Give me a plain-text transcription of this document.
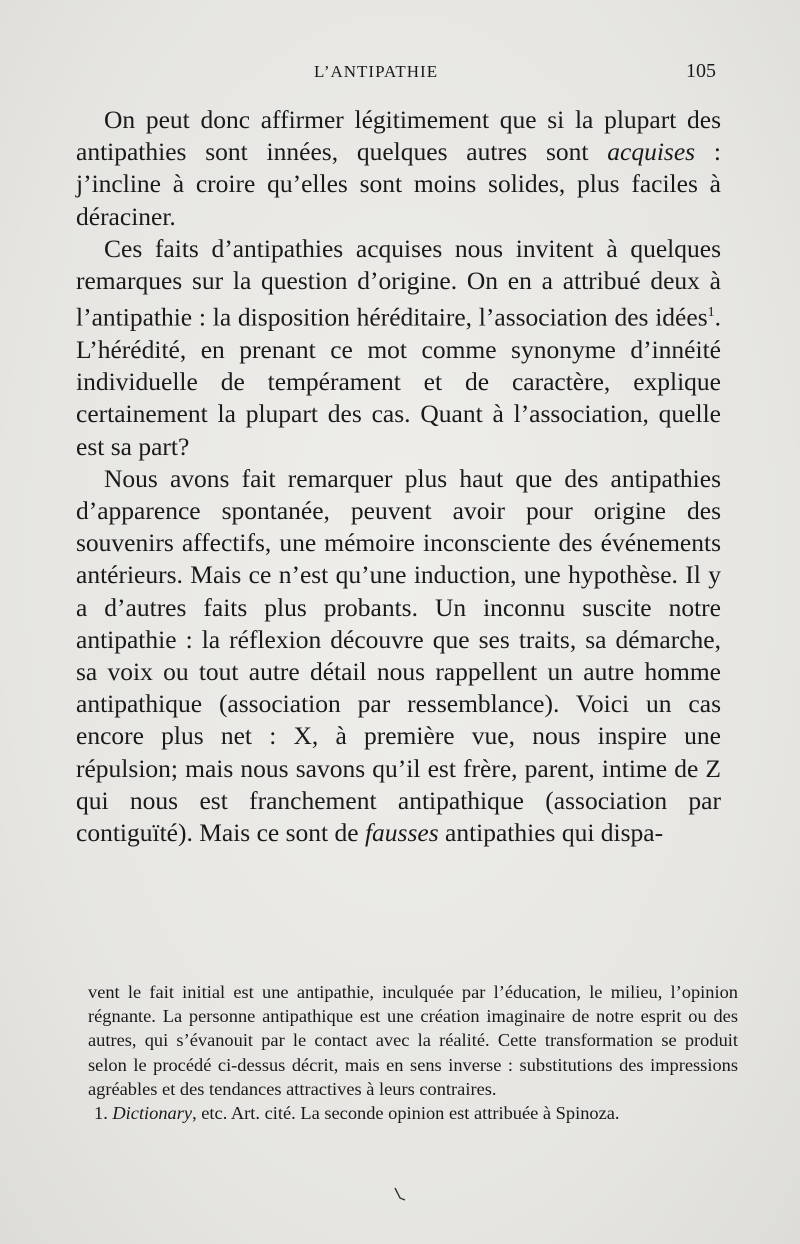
L’ANTIPATHIE	105

On peut donc affirmer légitimement que si la plupart des antipathies sont innées, quelques autres sont acquises : j’incline à croire qu’elles sont moins solides, plus faciles à déraciner.

Ces faits d’antipathies acquises nous invitent à quelques remarques sur la question d’origine. On en a attribué deux à l’antipathie : la disposition héréditaire, l’association des idées$^1$. L’hérédité, en prenant ce mot comme synonyme d’innéité individuelle de tempérament et de caractère, explique certainement la plupart des cas. Quant à l’association, quelle est sa part?

Nous avons fait remarquer plus haut que des antipathies d’apparence spontanée, peuvent avoir pour origine des souvenirs affectifs, une mémoire inconsciente des événements antérieurs. Mais ce n’est qu’une induction, une hypothèse. Il y a d’autres faits plus probants. Un inconnu suscite notre antipathie : la réflexion découvre que ses traits, sa démarche, sa voix ou tout autre détail nous rappellent un autre homme antipathique (association par ressemblance). Voici un cas encore plus net : X, à première vue, nous inspire une répulsion; mais nous savons qu’il est frère, parent, intime de Z qui nous est franchement antipathique (association par contiguïté). Mais ce sont de fausses antipathies qui dispa-

vent le fait initial est une antipathie, inculquée par l’éducation, le milieu, l’opinion régnante. La personne antipathique est une création imaginaire de notre esprit ou des autres, qui s’évanouit par le contact avec la réalité. Cette transformation se produit selon le procédé ci-dessus décrit, mais en sens inverse : substitutions des impressions agréables et des tendances attractives à leurs contraires.

1. Dictionary, etc. Art. cité. La seconde opinion est attribuée à Spinoza.
